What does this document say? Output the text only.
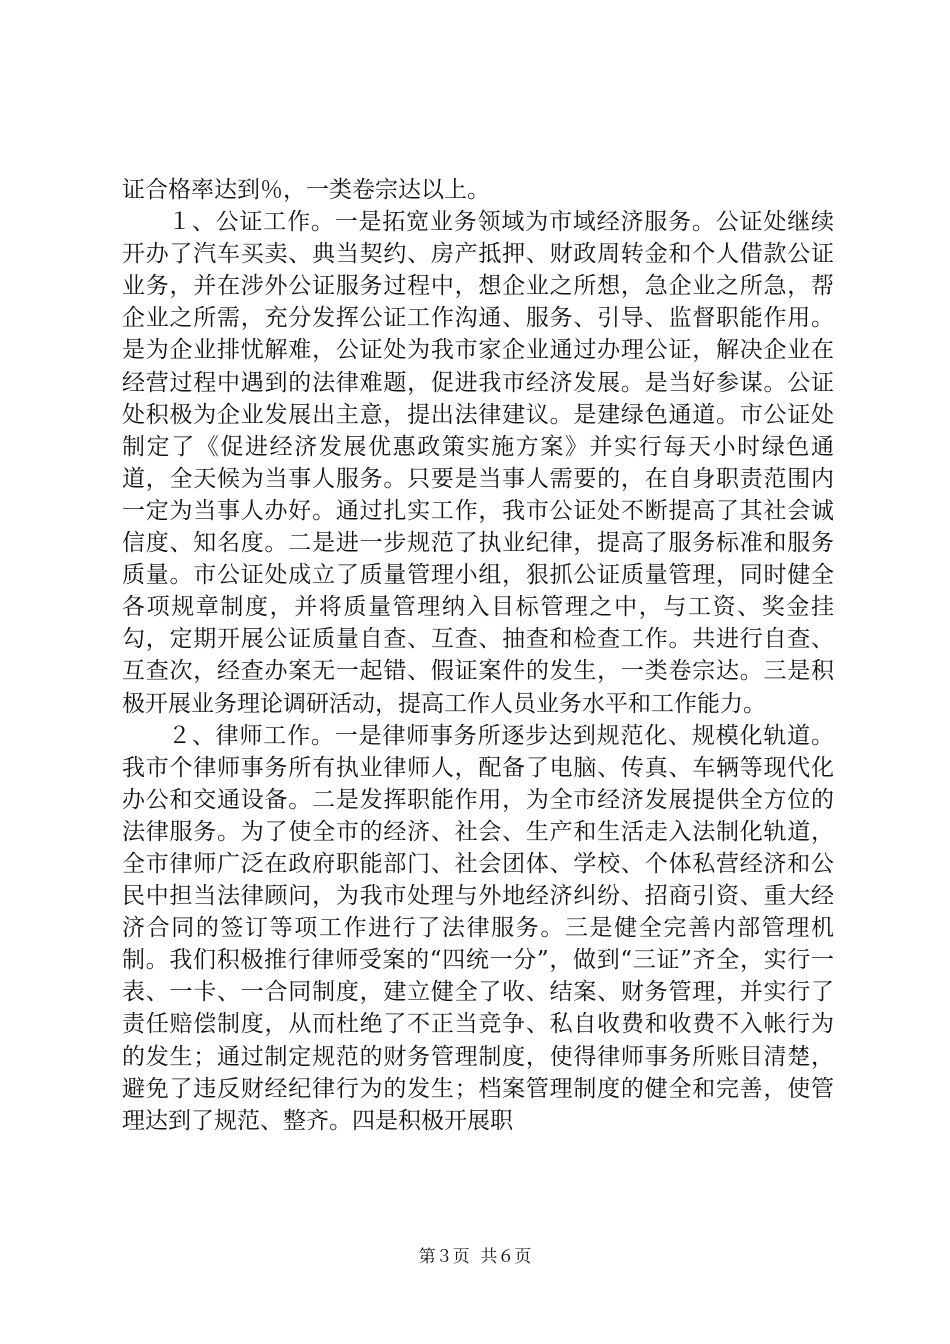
证合格率达到％，一类卷宗达以上。

１、公证工作。一是拓宽业务领域为市域经济服务。公证处继续开办了汽车买卖、典当契约、房产抵押、财政周转金和个人借款公证业务，并在涉外公证服务过程中，想企业之所想，急企业之所急，帮企业之所需，充分发挥公证工作沟通、服务、引导、监督职能作用。是为企业排忧解难，公证处为我市家企业通过办理公证，解决企业在经营过程中遇到的法律难题，促进我市经济发展。是当好参谋。公证处积极为企业发展出主意，提出法律建议。是建绿色通道。市公证处制定了《促进经济发展优惠政策实施方案》并实行每天小时绿色通道，全天候为当事人服务。只要是当事人需要的，在自身职责范围内一定为当事人办好。通过扎实工作，我市公证处不断提高了其社会诚信度、知名度。二是进一步规范了执业纪律，提高了服务标准和服务质量。市公证处成立了质量管理小组，狠抓公证质量管理，同时健全各项规章制度，并将质量管理纳入目标管理之中，与工资、奖金挂勾，定期开展公证质量自查、互查、抽查和检查工作。共进行自查、互查次，经查办案无一起错、假证案件的发生，一类卷宗达。三是积极开展业务理论调研活动，提高工作人员业务水平和工作能力。

２、律师工作。一是律师事务所逐步达到规范化、规模化轨道。我市个律师事务所有执业律师人，配备了电脑、传真、车辆等现代化办公和交通设备。二是发挥职能作用，为全市经济发展提供全方位的法律服务。为了使全市的经济、社会、生产和生活走入法制化轨道，全市律师广泛在政府职能部门、社会团体、学校、个体私营经济和公民中担当法律顾问，为我市处理与外地经济纠纷、招商引资、重大经济合同的签订等项工作进行了法律服务。三是健全完善内部管理机制。我们积极推行律师受案的“四统一分”，做到“三证”齐全，实行一表、一卡、一合同制度，建立健全了收、结案、财务管理，并实行了责任赔偿制度，从而杜绝了不正当竞争、私自收费和收费不入帐行为的发生；通过制定规范的财务管理制度，使得律师事务所账目清楚，避免了违反财经纪律行为的发生；档案管理制度的健全和完善，使管理达到了规范、整齐。四是积极开展职

第３页  共６页
